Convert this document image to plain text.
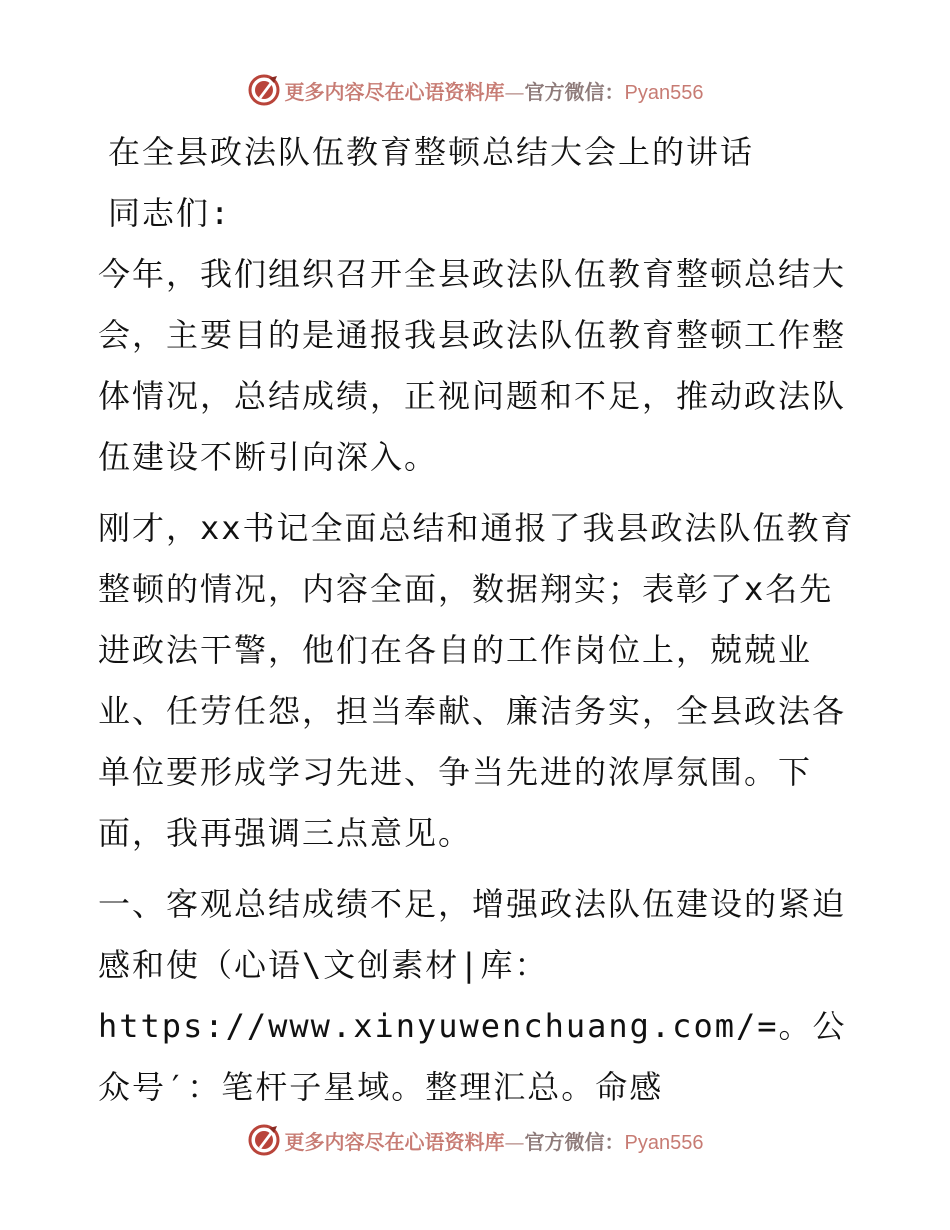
更多内容尽在心语资料库—官方微信：Pyan556

在全县政法队伍教育整顿总结大会上的讲话

同志们:

今年，我们组织召开全县政法队伍教育整顿总结大会，主要目的是通报我县政法队伍教育整顿工作整体情况，总结成绩，正视问题和不足，推动政法队伍建设不断引向深入。

刚才，xx书记全面总结和通报了我县政法队伍教育整顿的情况，内容全面，数据翔实；表彰了x名先进政法干警，他们在各自的工作岗位上，兢兢业业、任劳任怨，担当奉献、廉洁务实，全县政法各单位要形成学习先进、争当先进的浓厚氛围。下面，我再强调三点意见。

一、客观总结成绩不足，增强政法队伍建设的紧迫感和使（心语\文创素材|库：https://www.xinyuwenchuang.com/=。公众号′：笔杆子星域。整理汇总。命感

更多内容尽在心语资料库—官方微信：Pyan556
